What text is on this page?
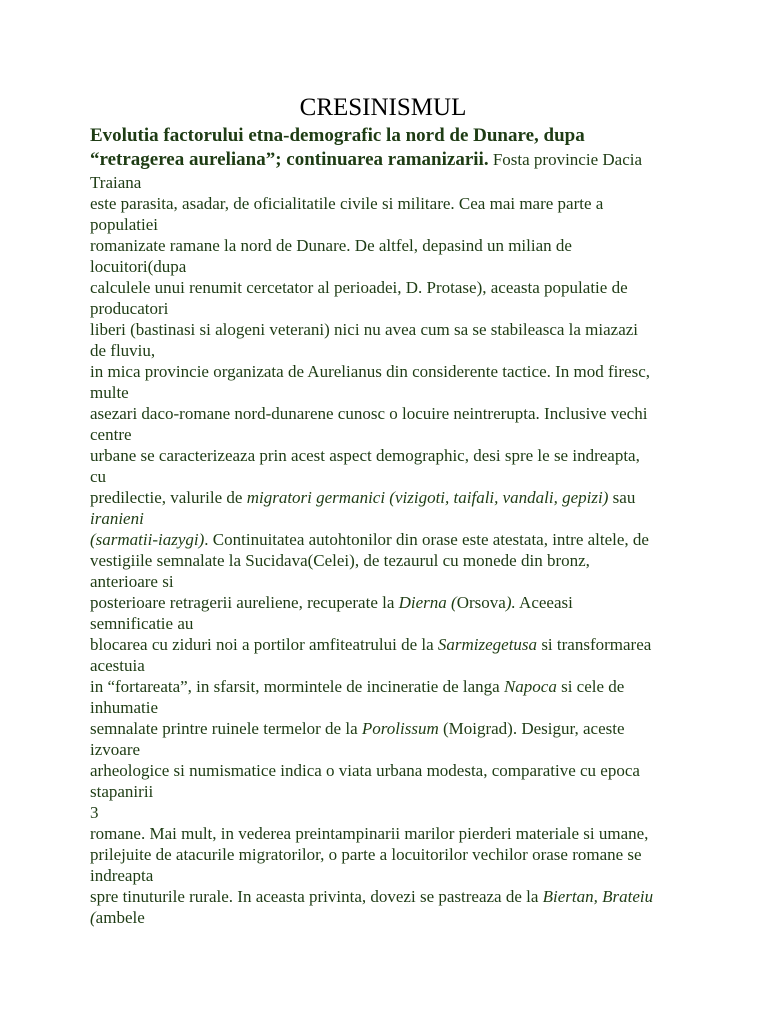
CRESINISMUL
Evolutia factorului etna-demografic la nord de Dunare, dupa
“retragerea aureliana”; continuarea ramanizarii. Fosta provincie Dacia
Traiana
este parasita, asadar, de oficialitatile civile si militare. Cea mai mare parte a
populatiei
romanizate ramane la nord de Dunare. De altfel, depasind un milian de
locuitori(dupa
calculele unui renumit cercetator al perioadei, D. Protase), aceasta populatie de
producatori
liberi (bastinasi si alogeni veterani) nici nu avea cum sa se stabileasca la miazazi
de fluviu,
in mica provincie organizata de Aurelianus din considerente tactice. In mod firesc,
multe
asezari daco-romane nord-dunarene cunosc o locuire neintrerupta. Inclusive vechi
centre
urbane se caracterizeaza prin acest aspect demographic, desi spre le se indreapta,
cu
predilectie, valurile de migratori germanici (vizigoti, taifali, vandali, gepizi) sau
iranieni
(sarmatii-iazygi). Continuitatea autohtonilor din orase este atestata, intre altele, de
vestigiile semnalate la Sucidava(Celei), de tezaurul cu monede din bronz,
anterioare si
posterioare retragerii aureliene, recuperate la Dierna (Orsova). Aceeasi
semnificatie au
blocarea cu ziduri noi a portilor amfiteatrului de la Sarmizegetusa si transformarea
acestuia
in “fortareata”, in sfarsit, mormintele de incineratie de langa Napoca si cele de
inhumatie
semnalate printre ruinele termelor de la Porolissum (Moigrad). Desigur, aceste
izvoare
arheologice si numismatice indica o viata urbana modesta, comparative cu epoca
stapanirii
3
romane. Mai mult, in vederea preintampinarii marilor pierderi materiale si umane,
prilejuite de atacurile migratorilor, o parte a locuitorilor vechilor orase romane se
indreapta
spre tinuturile rurale. In aceasta privinta, dovezi se pastreaza de la Biertan, Brateiu
(ambele
